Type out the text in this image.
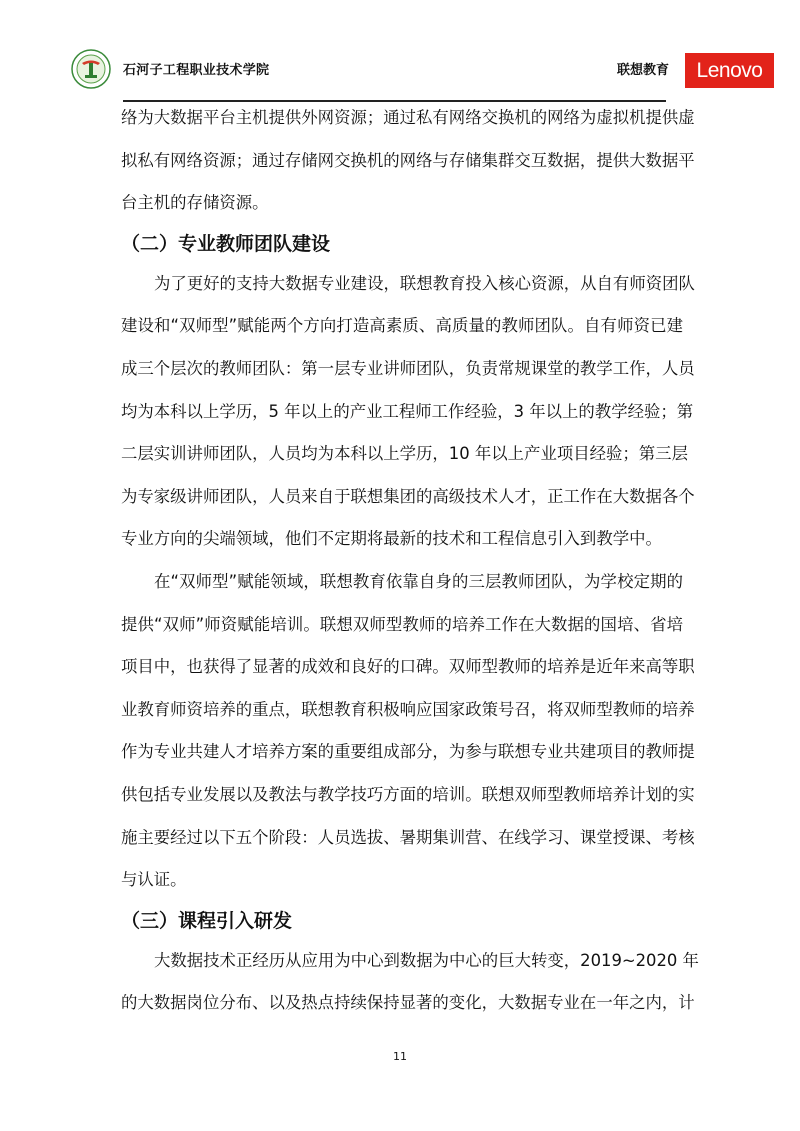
石河子工程职业技术学院	联想教育	Lenovo
络为大数据平台主机提供外网资源；通过私有网络交换机的网络为虚拟机提供虚
拟私有网络资源；通过存储网交换机的网络与存储集群交互数据，提供大数据平
台主机的存储资源。
（二）专业教师团队建设
为了更好的支持大数据专业建设，联想教育投入核心资源，从自有师资团队
建设和“双师型”赋能两个方向打造高素质、高质量的教师团队。自有师资已建
成三个层次的教师团队：第一层专业讲师团队，负责常规课堂的教学工作，人员
均为本科以上学历，5 年以上的产业工程师工作经验，3 年以上的教学经验；第
二层实训讲师团队，人员均为本科以上学历，10 年以上产业项目经验；第三层
为专家级讲师团队，人员来自于联想集团的高级技术人才，正工作在大数据各个
专业方向的尖端领域，他们不定期将最新的技术和工程信息引入到教学中。
在“双师型”赋能领域，联想教育依靠自身的三层教师团队，为学校定期的
提供“双师”师资赋能培训。联想双师型教师的培养工作在大数据的国培、省培
项目中，也获得了显著的成效和良好的口碑。双师型教师的培养是近年来高等职
业教育师资培养的重点，联想教育积极响应国家政策号召，将双师型教师的培养
作为专业共建人才培养方案的重要组成部分，为参与联想专业共建项目的教师提
供包括专业发展以及教法与教学技巧方面的培训。联想双师型教师培养计划的实
施主要经过以下五个阶段：人员选拔、暑期集训营、在线学习、课堂授课、考核
与认证。
（三）课程引入研发
大数据技术正经历从应用为中心到数据为中心的巨大转变，2019~2020 年
的大数据岗位分布、以及热点持续保持显著的变化，大数据专业在一年之内，计
11
